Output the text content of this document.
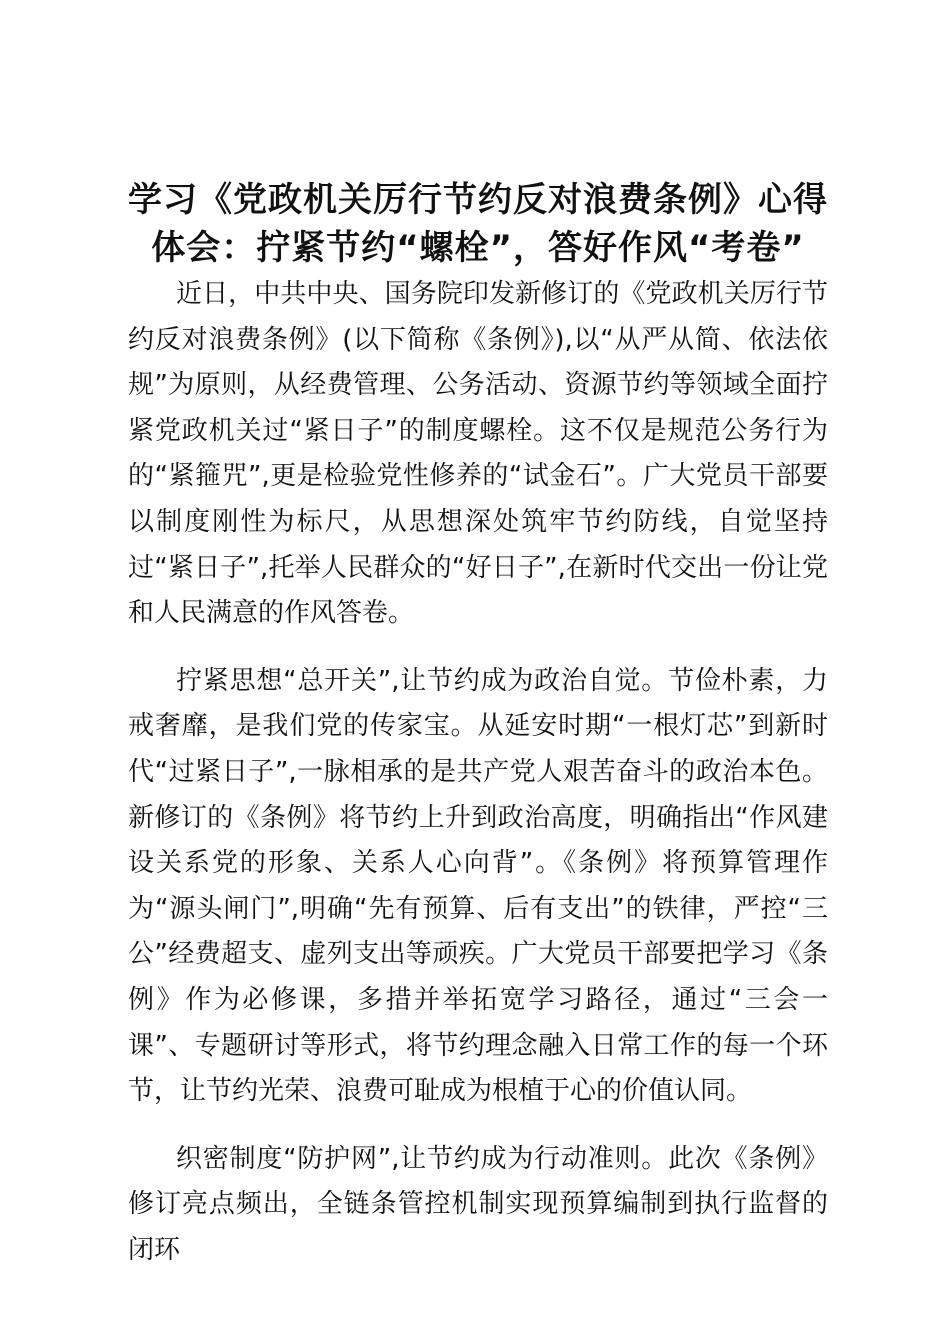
学习《党政机关厉行节约反对浪费条例》心得体会：拧紧节约“螺栓”，答好作风“考卷”

近日，中共中央、国务院印发新修订的《党政机关厉行节约反对浪费条例》(以下简称《条例》),以“从严从简、依法依规”为原则，从经费管理、公务活动、资源节约等领域全面拧紧党政机关过“紧日子”的制度螺栓。这不仅是规范公务行为的“紧箍咒”,更是检验党性修养的“试金石”。广大党员干部要以制度刚性为标尺，从思想深处筑牢节约防线，自觉坚持过“紧日子”,托举人民群众的“好日子”,在新时代交出一份让党和人民满意的作风答卷。

拧紧思想“总开关”,让节约成为政治自觉。节俭朴素，力戒奢靡，是我们党的传家宝。从延安时期“一根灯芯”到新时代“过紧日子”,一脉相承的是共产党人艰苦奋斗的政治本色。新修订的《条例》将节约上升到政治高度，明确指出“作风建设关系党的形象、关系人心向背”。《条例》将预算管理作为“源头闸门”,明确“先有预算、后有支出”的铁律，严控“三公”经费超支、虚列支出等顽疾。广大党员干部要把学习《条例》作为必修课，多措并举拓宽学习路径，通过“三会一课”、专题研讨等形式，将节约理念融入日常工作的每一个环节，让节约光荣、浪费可耻成为根植于心的价值认同。

织密制度“防护网”,让节约成为行动准则。此次《条例》修订亮点频出，全链条管控机制实现预算编制到执行监督的闭环
